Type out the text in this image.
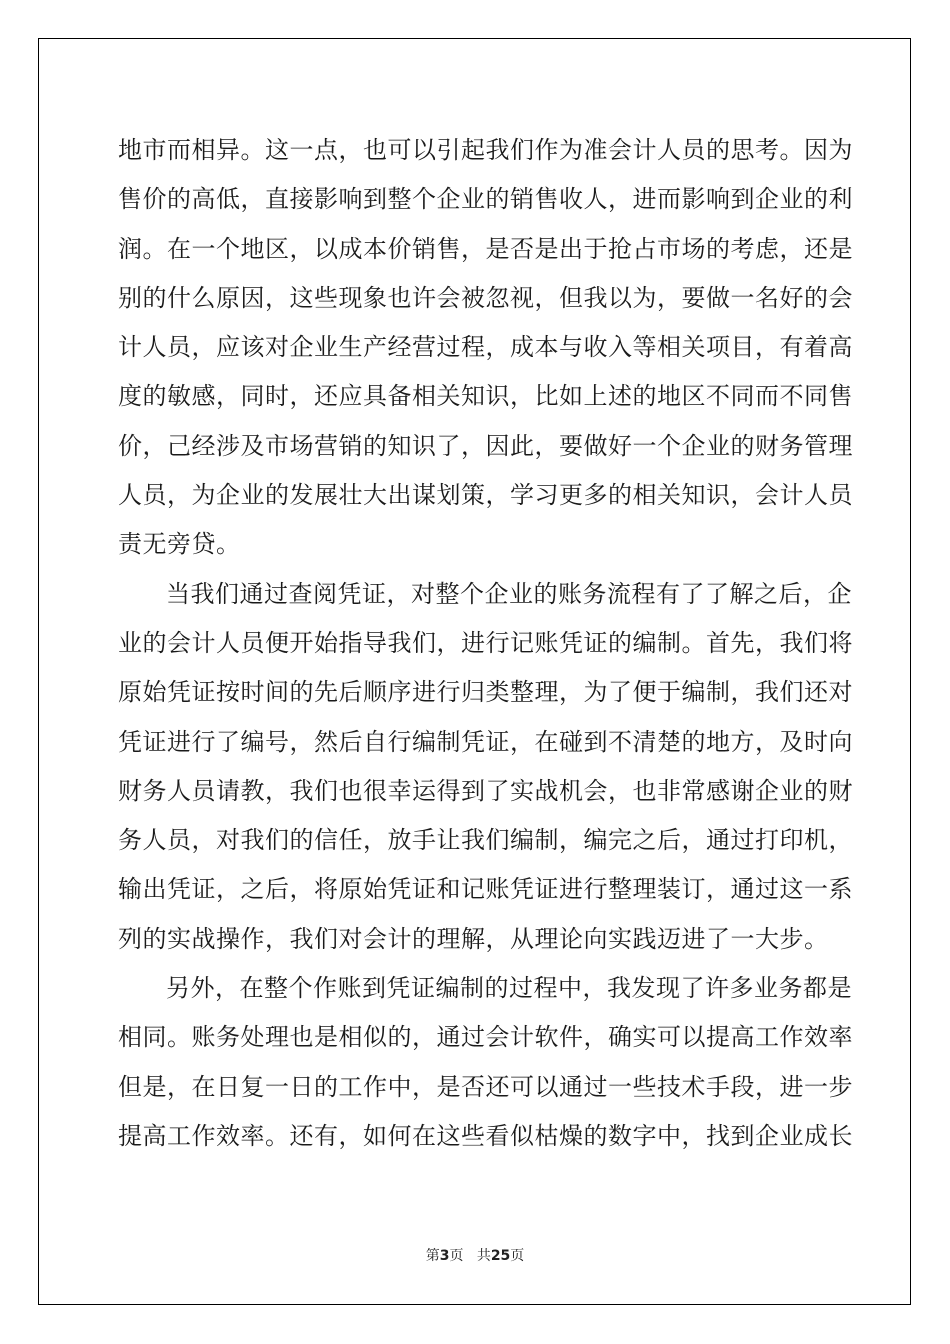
地市而相异。这一点，也可以引起我们作为准会计人员的思考。因为
售价的高低，直接影响到整个企业的销售收人，进而影响到企业的利
润。在一个地区，以成本价销售，是否是出于抢占市场的考虑，还是
别的什么原因，这些现象也许会被忽视，但我以为，要做一名好的会
计人员，应该对企业生产经营过程，成本与收入等相关项目，有着高
度的敏感，同时，还应具备相关知识，比如上述的地区不同而不同售
价，己经涉及市场营销的知识了，因此，要做好一个企业的财务管理
人员，为企业的发展壮大出谋划策，学习更多的相关知识，会计人员
责无旁贷。
当我们通过查阅凭证，对整个企业的账务流程有了了解之后，企
业的会计人员便开始指导我们，进行记账凭证的编制。首先，我们将
原始凭证按时间的先后顺序进行归类整理，为了便于编制，我们还对
凭证进行了编号，然后自行编制凭证，在碰到不清楚的地方，及时向
财务人员请教，我们也很幸运得到了实战机会，也非常感谢企业的财
务人员，对我们的信任，放手让我们编制，编完之后，通过打印机，
输出凭证，之后，将原始凭证和记账凭证进行整理装订，通过这一系
列的实战操作，我们对会计的理解，从理论向实践迈进了一大步。
另外，在整个作账到凭证编制的过程中，我发现了许多业务都是
相同。账务处理也是相似的，通过会计软件，确实可以提高工作效率
但是，在日复一日的工作中，是否还可以通过一些技术手段，进一步
提高工作效率。还有，如何在这些看似枯燥的数字中，找到企业成长
第3页 共25页
